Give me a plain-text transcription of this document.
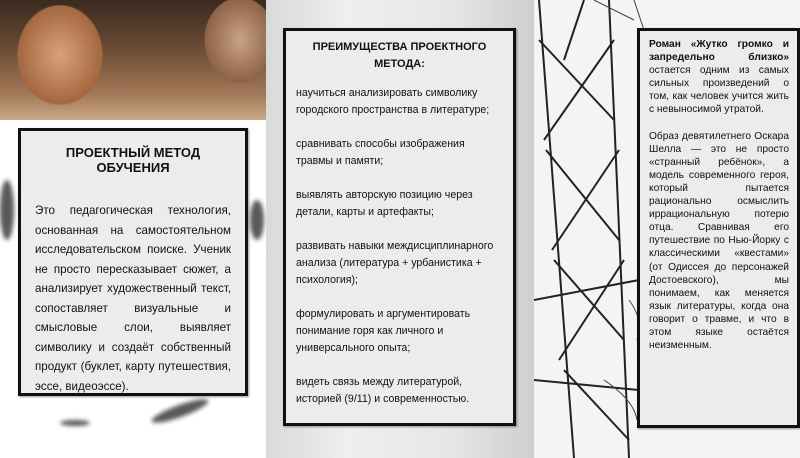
ПРОЕКТНЫЙ МЕТОД ОБУЧЕНИЯ

Это педагогическая технология, основанная на самостоятельном исследовательском поиске. Ученик не просто пересказывает сюжет, а анализирует художественный текст, сопоставляет визуальные и смысловые слои, выявляет символику и создаёт собственный продукт (буклет, карту путешествия, эссе, видеоэссе).

ПРЕИМУЩЕСТВА ПРОЕКТНОГО МЕТОДА:

научиться анализировать символику городского пространства в литературе;

сравнивать способы изображения травмы и памяти;

выявлять авторскую позицию через детали, карты и артефакты;

развивать навыки междисциплинарного анализа (литература + урбанистика + психология);

формулировать и аргументировать понимание горя как личного и универсального опыта;

видеть связь между литературой, историей (9/11) и современностью.

Роман «Жутко громко и запредельно близко» остается одним из самых сильных произведений о том, как человек учится жить с невыносимой утратой.

Образ девятилетнего Оскара Шелла — это не просто «странный ребёнок», а модель современного героя, который пытается рационально осмыслить иррациональную потерю отца. Сравнивая его путешествие по Нью-Йорку с классическими «квестами» (от Одиссея до персонажей Достоевского), мы понимаем, как меняется язык литературы, когда она говорит о травме, и что в этом языке остаётся неизменным.
